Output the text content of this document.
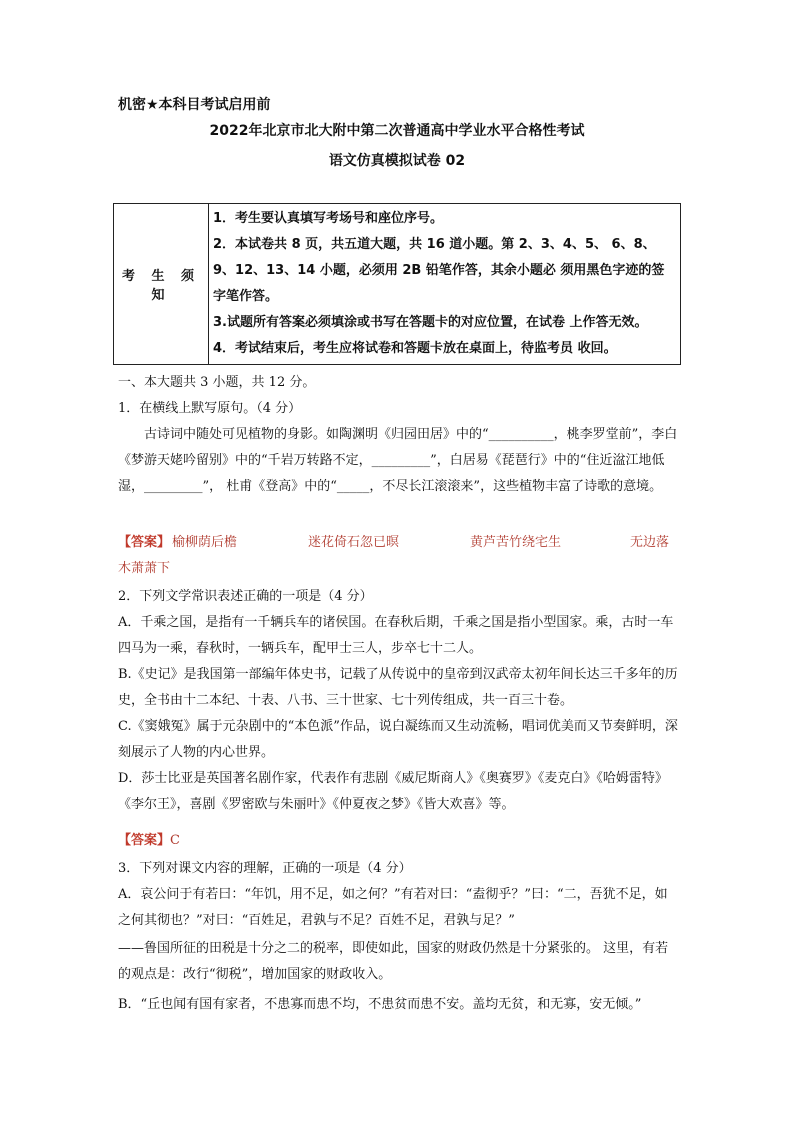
机密★本科目考试启用前
2022年北京市北大附中第二次普通高中学业水平合格性考试
语文仿真模拟试卷 02
考 生 须 知	
1．考生要认真填写考场号和座位序号。
2．本试卷共 8 页，共五道大题，共 16 道小题。第 2、3、4、5、 6、8、9、12、13、14 小题，必须用 2B 铅笔作答，其余小题必 须用黑色字迹的签字笔作答。
3.试题所有答案必须填涂或书写在答题卡的对应位置，在试卷 上作答无效。
4．考试结束后，考生应将试卷和答题卡放在桌面上，待监考员 收回。
一、本大题共 3 小题，共 12 分。
1．在横线上默写原句。（4 分）
古诗词中随处可见植物的身影。如陶渊明《归园田居》中的“__________，桃李罗堂前”，李白《梦游天姥吟留别》中的“千岩万转路不定，_________”，白居易《琵琶行》中的“住近湓江地低湿，_________”， 杜甫《登高》中的“_____，不尽长江滚滚来”，这些植物丰富了诗歌的意境。
【答案】 榆柳荫后檐	迷花倚石忽已暝	黄芦苦竹绕宅生	无边落
木萧萧下
2．下列文学常识表述正确的一项是（4 分）
A．千乘之国，是指有一千辆兵车的诸侯国。在春秋后期，千乘之国是指小型国家。乘，古时一车四马为一乘，春秋时，一辆兵车，配甲士三人，步卒七十二人。
B.《史记》是我国第一部编年体史书，记载了从传说中的皇帝到汉武帝太初年间长达三千多年的历史，全书由十二本纪、十表、八书、三十世家、七十列传组成，共一百三十卷。
C.《窦娥冤》属于元杂剧中的“本色派”作品，说白凝练而又生动流畅，唱词优美而又节奏鲜明，深刻展示了人物的内心世界。
D．莎士比亚是英国著名剧作家，代表作有悲剧《威尼斯商人》《奥赛罗》《麦克白》《哈姆雷特》《李尔王》，喜剧《罗密欧与朱丽叶》《仲夏夜之梦》《皆大欢喜》等。
【答案】C
3．下列对课文内容的理解，正确的一项是（4 分）
A．哀公问于有若曰：“年饥，用不足，如之何？”有若对曰：“盍彻乎？”曰：“二，吾犹不足，如之何其彻也？”对曰：“百姓足，君孰与不足？百姓不足，君孰与足？”
——鲁国所征的田税是十分之二的税率，即使如此，国家的财政仍然是十分紧张的。 这里，有若的观点是：改行“彻税”，增加国家的财政收入。
B．“丘也闻有国有家者，不患寡而患不均，不患贫而患不安。盖均无贫，和无寡，安无倾。”
